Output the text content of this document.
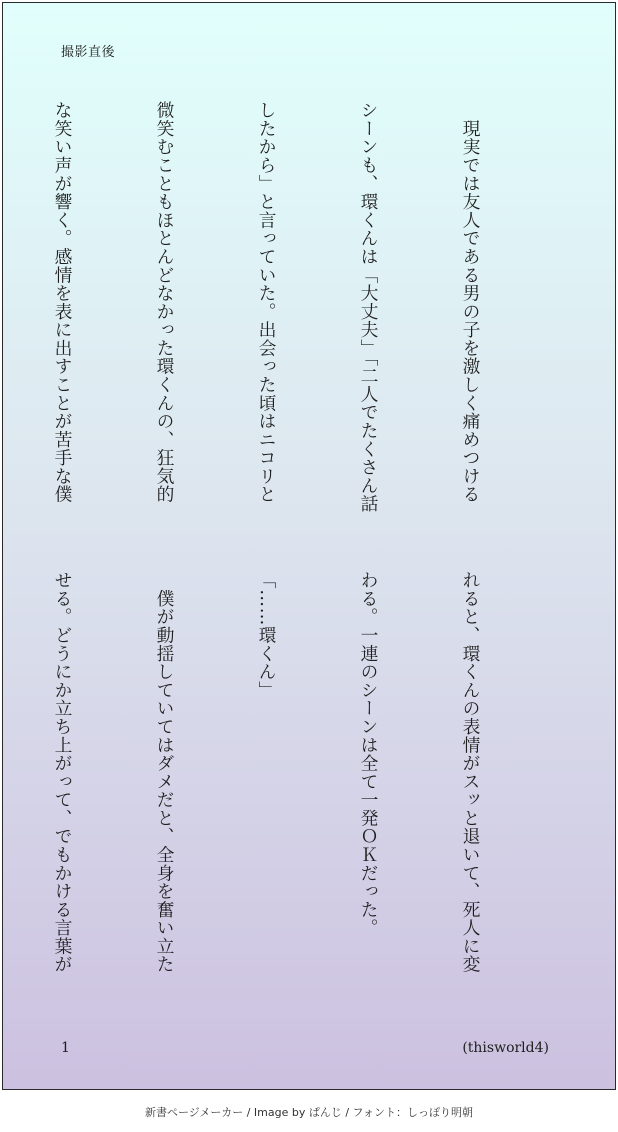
撮影直後

　現実では友人である男の子を激しく痛めつける

シーンも、環くんは「大丈夫」「二人でたくさん話

したから」と言っていた。出会った頃はニコリと

微笑むこともほとんどなかった環くんの、狂気的

な笑い声が響く。感情を表に出すことが苦手な僕

れると、環くんの表情がスッと退いて、死人に変

わる。一連のシーンは全て一発ＯＫだった。

「……環くん」

　僕が動揺していてはダメだと、全身を奮い立た

せる。どうにか立ち上がって、でもかける言葉が

1	(thisworld4)
新書ページメーカー / Image by ぱんじ / フォント：しっぽり明朝
